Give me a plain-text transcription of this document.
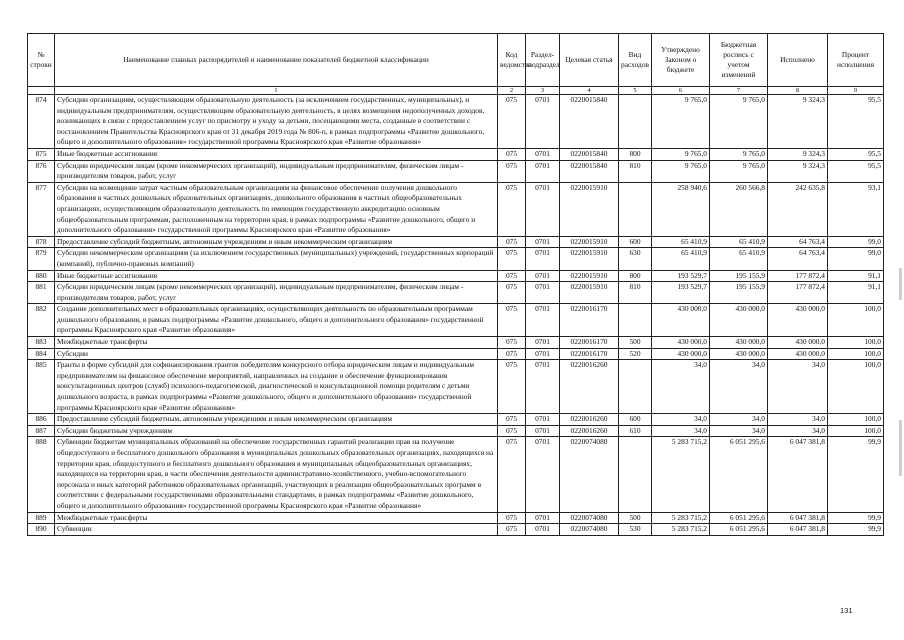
№ строки	Наименование главных распорядителей и наименование показателей бюджетной классификации	Код ведомства	Раздел-подраздел	Целевая статья	Вид расходов	Утверждено Законом о бюджете	Бюджетная роспись с учетом изменений	Исполнено	Процент исполнения
	1	2	3	4	5	6	7	8	9
874	Субсидии организациям, осуществляющим образовательную деятельность (за исключением государственных, муниципальных), и индивидуальным предпринимателям, осуществляющим образовательную деятельность, в целях возмещения недополученных доходов, возникающих в связи с предоставлением услуг по присмотру и уходу за детьми, посещающими места, созданные в соответствии с постановлением Правительства Красноярского края от 31 декабря 2019 года № 806-п, в рамках подпрограммы «Развитие дошкольного, общего и дополнительного образования» государственной программы Красноярского края «Развитие образования»	075	0701	0220015840		9 765,0	9 765,0	9 324,3	95,5
875	Иные бюджетные ассигнования	075	0701	0220015840	800	9 765,0	9 765,0	9 324,3	95,5
876	Субсидии юридическим лицам (кроме некоммерческих организаций), индивидуальным предпринимателям, физическим лицам - производителям товаров, работ, услуг	075	0701	0220015840	810	9 765,0	9 765,0	9 324,3	95,5
877	Субсидии на возмещение затрат частным образовательным организациям на финансовое обеспечение получения дошкольного образования в частных дошкольных образовательных организациях, дошкольного образования в частных общеобразовательных организациях, осуществляющим образовательную деятельность по имеющим государственную аккредитацию основным общеобразовательным программам, расположенным на территории края, в рамках подпрограммы «Развитие дошкольного, общего и дополнительного образования» государственной программы Красноярского края «Развитие образования»	075	0701	0220015910		258 940,6	260 566,8	242 635,8	93,1
878	Предоставление субсидий бюджетным, автономным учреждениям и иным некоммерческим организациям	075	0701	0220015910	600	65 410,9	65 410,9	64 763,4	99,0
879	Субсидии некоммерческим организациям (за исключением государственных (муниципальных) учреждений, государственных корпораций (компаний), публично-правовых компаний)	075	0701	0220015910	630	65 410,9	65 410,9	64 763,4	99,0
880	Иные бюджетные ассигнования	075	0701	0220015910	800	193 529,7	195 155,9	177 872,4	91,1
881	Субсидии юридическим лицам (кроме некоммерческих организаций), индивидуальным предпринимателям, физическим лицам - производителям товаров, работ, услуг	075	0701	0220015910	810	193 529,7	195 155,9	177 872,4	91,1
882	Создание дополнительных мест в образовательных организациях, осуществляющих деятельность по образовательным программам дошкольного образования, в рамках подпрограммы «Развитие дошкольного, общего и дополнительного образования» государственной программы Красноярского края «Развитие образования»	075	0701	0220016170		430 000,0	430 000,0	430 000,0	100,0
883	Межбюджетные трансферты	075	0701	0220016170	500	430 000,0	430 000,0	430 000,0	100,0
884	Субсидии	075	0701	0220016170	520	430 000,0	430 000,0	430 000,0	100,0
885	Гранты в форме субсидий для софинансирования грантов победителям конкурсного отбора юридическим лицам и индивидуальным предпринимателям на финансовое обеспечение мероприятий, направленных на создание и обеспечение функционирования консультационных центров (служб) психолого-педагогической, диагностической и консультационной помощи родителям с детьми дошкольного возраста, в рамках подпрограммы «Развитие дошкольного, общего и дополнительного образования» государственной программы Красноярского края «Развитие образования»	075	0701	0220016260		34,0	34,0	34,0	100,0
886	Предоставление субсидий бюджетным, автономным учреждениям и иным некоммерческим организациям	075	0701	0220016260	600	34,0	34,0	34,0	100,0
887	Субсидии бюджетным учреждениям	075	0701	0220016260	610	34,0	34,0	34,0	100,0
888	Субвенции бюджетам муниципальных образований на обеспечение государственных гарантий реализации прав на получение общедоступного и бесплатного дошкольного образования в муниципальных дошкольных образовательных организациях, находящихся на территории края, общедоступного и бесплатного дошкольного образования в муниципальных общеобразовательных организациях, находящихся на территории края, в части обеспечения деятельности административно-хозяйственного, учебно-вспомогательного персонала и иных категорий работников образовательных организаций, участвующих в реализации общеобразовательных программ в соответствии с федеральными государственными образовательными стандартами, в рамках подпрограммы «Развитие дошкольного, общего и дополнительного образования» государственной программы Красноярского края «Развитие образования»	075	0701	0220074080		5 283 715,2	6 051 295,6	6 047 381,8	99,9
889	Межбюджетные трансферты	075	0701	0220074080	500	5 283 715,2	6 051 295,6	6 047 381,8	99,9
890	Субвенции	075	0701	0220074080	530	5 283 715,2	6 051 295,6	6 047 381,8	99,9
131
